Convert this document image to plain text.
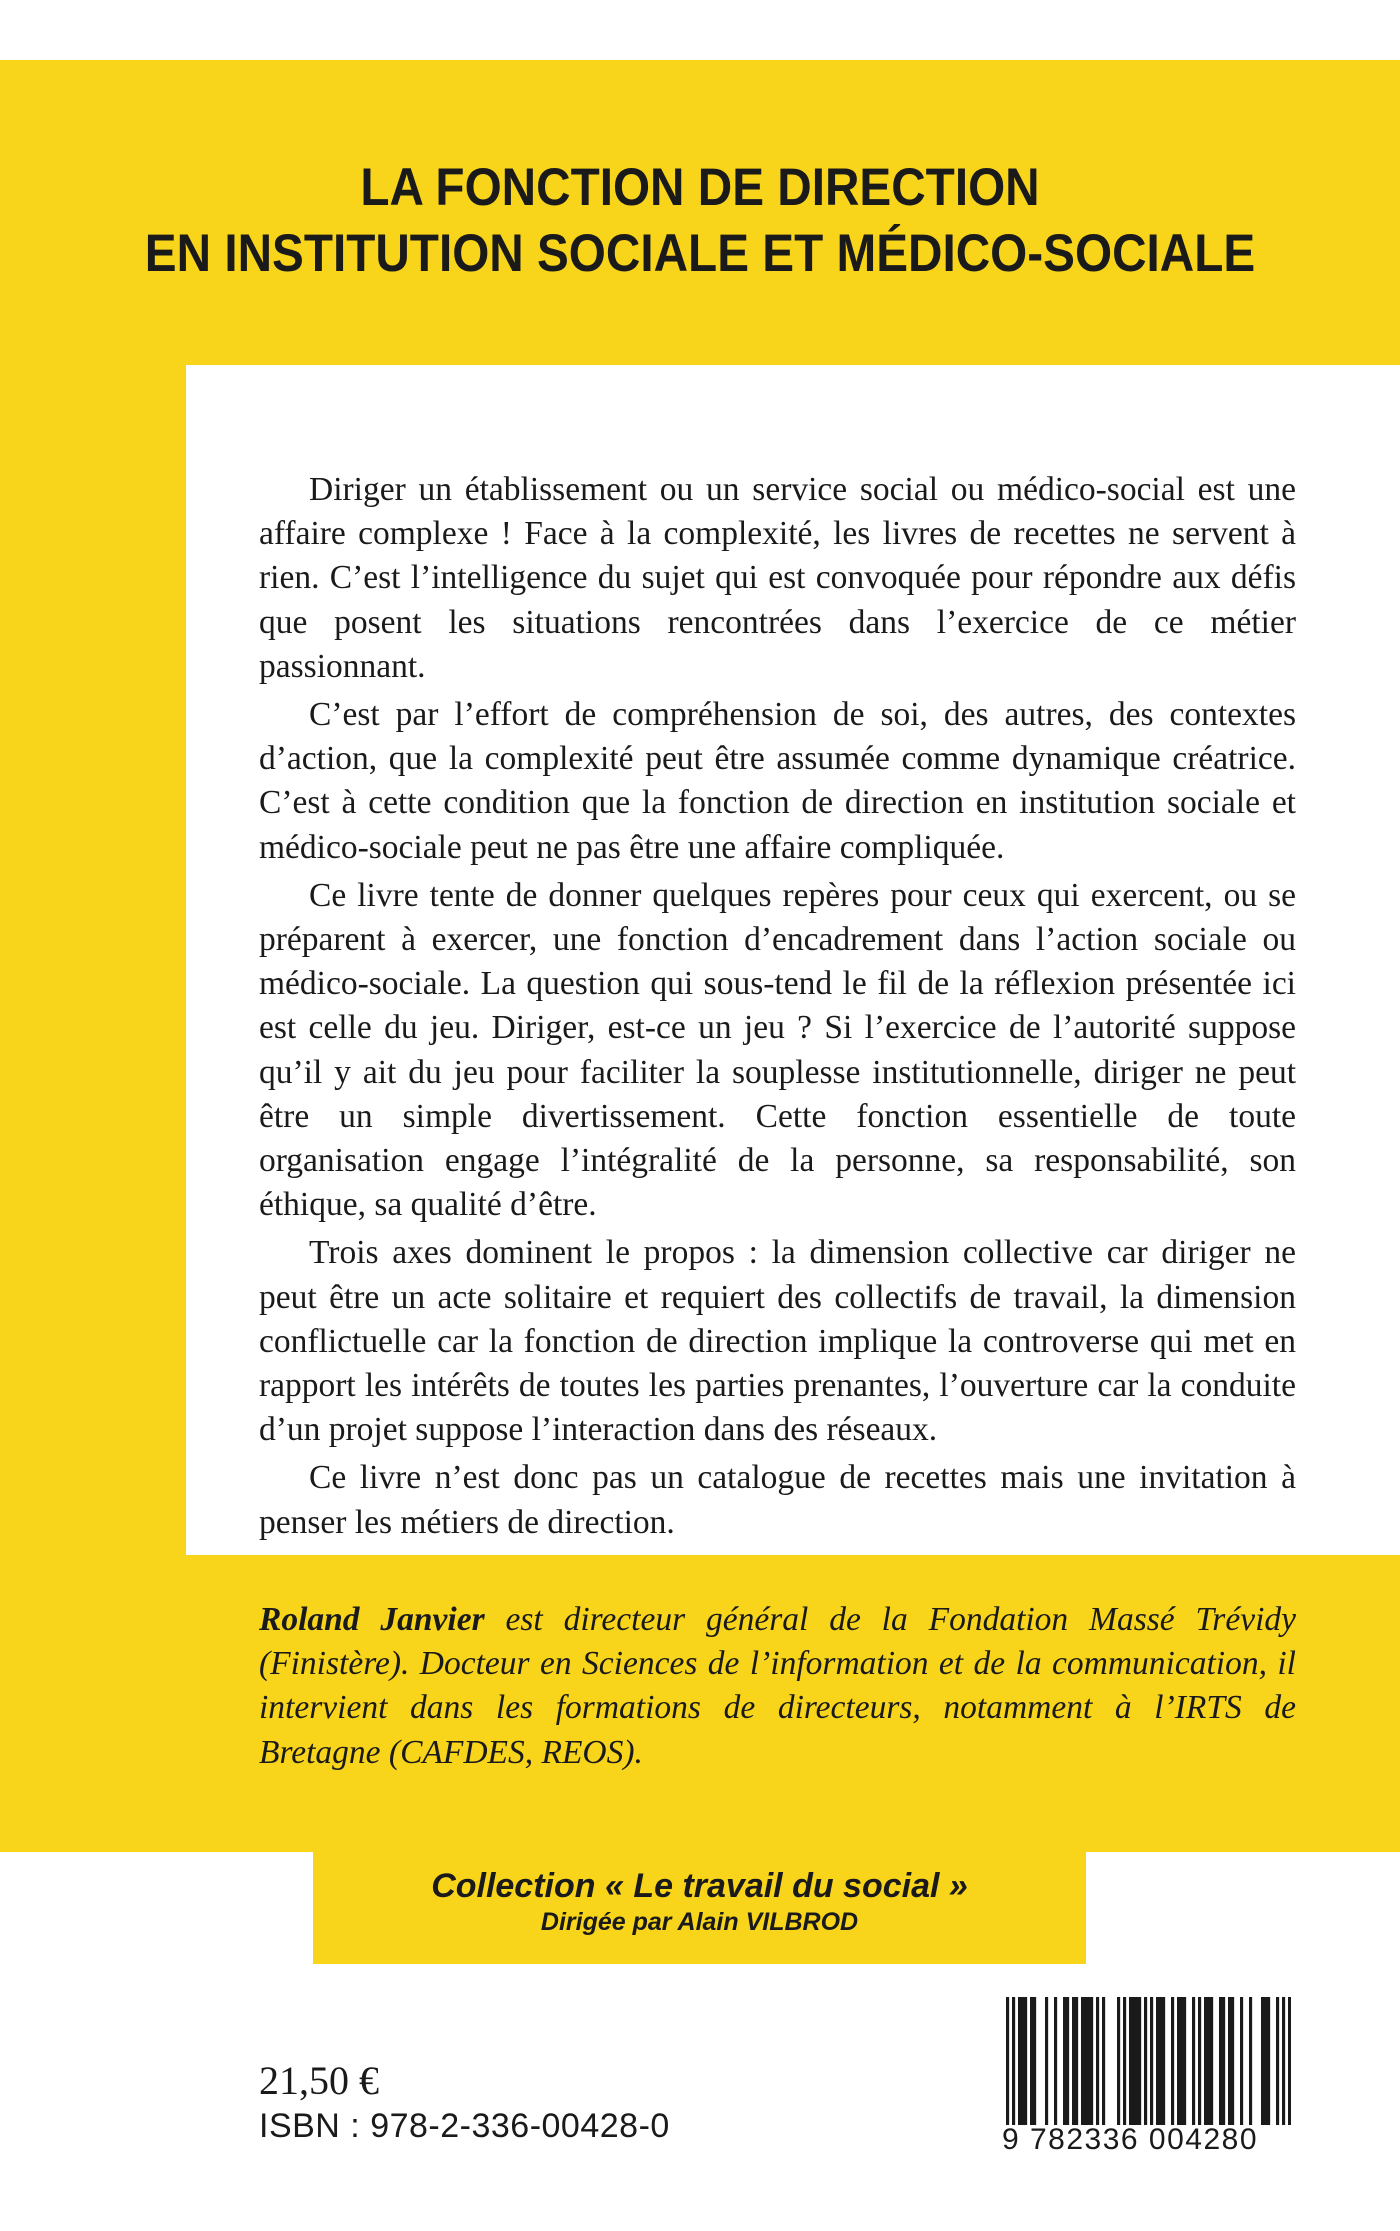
LA FONCTION DE DIRECTION
EN INSTITUTION SOCIALE ET MÉDICO-SOCIALE

Diriger un établissement ou un service social ou médico-social est une affaire complexe ! Face à la complexité, les livres de recettes ne servent à rien. C’est l’intelligence du sujet qui est convoquée pour répondre aux défis que posent les situations rencontrées dans l’exercice de ce métier passionnant.

C’est par l’effort de compréhension de soi, des autres, des contextes d’action, que la complexité peut être assumée comme dynamique créatrice. C’est à cette condition que la fonction de direction en institution sociale et médico-sociale peut ne pas être une affaire compliquée.

Ce livre tente de donner quelques repères pour ceux qui exercent, ou se préparent à exercer, une fonction d’encadrement dans l’action sociale ou médico-sociale. La question qui sous-tend le fil de la réflexion présentée ici est celle du jeu. Diriger, est-ce un jeu ? Si l’exercice de l’autorité suppose qu’il y ait du jeu pour faciliter la souplesse institutionnelle, diriger ne peut être un simple divertissement. Cette fonction essentielle de toute organisation engage l’intégralité de la personne, sa responsabilité, son éthique, sa qualité d’être.

Trois axes dominent le propos : la dimension collective car diriger ne peut être un acte solitaire et requiert des collectifs de travail, la dimension conflictuelle car la fonction de direction implique la controverse qui met en rapport les intérêts de toutes les parties prenantes, l’ouverture car la conduite d’un projet suppose l’interaction dans des réseaux.

Ce livre n’est donc pas un catalogue de recettes mais une invitation à penser les métiers de direction.

Roland Janvier est directeur général de la Fondation Massé Trévidy (Finistère). Docteur en Sciences de l’information et de la communication, il intervient dans les formations de directeurs, notamment à l’IRTS de Bretagne (CAFDES, REOS).
Collection « Le travail du social »
Dirigée par Alain VILBROD
21,50 €
ISBN : 978-2-336-00428-0	9 782336 004280
